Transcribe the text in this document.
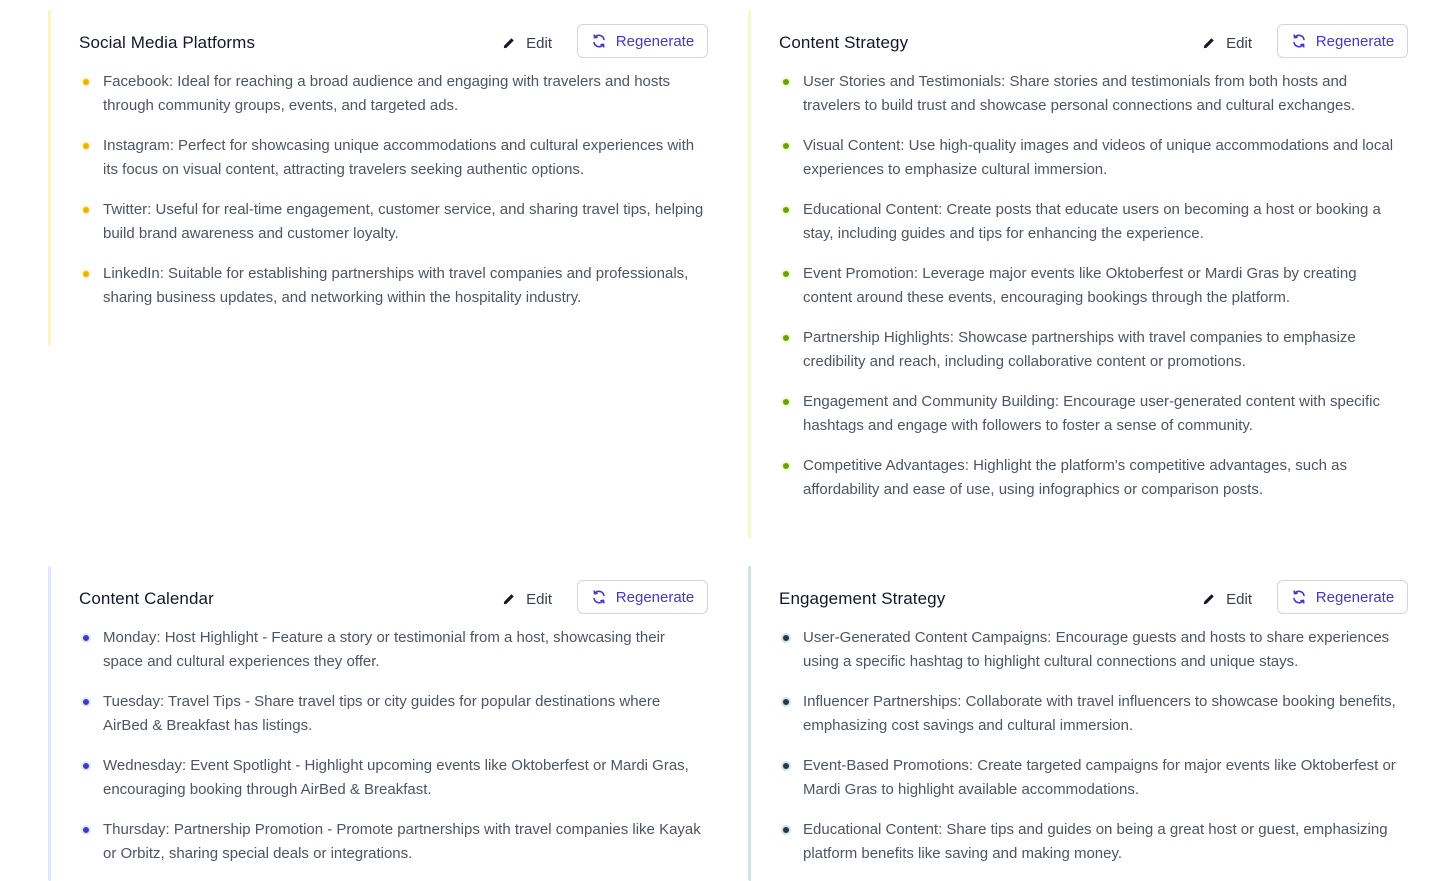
Social Media Platforms	Edit	Regenerate
Facebook: Ideal for reaching a broad audience and engaging with travelers and hosts through community groups, events, and targeted ads.
Instagram: Perfect for showcasing unique accommodations and cultural experiences with its focus on visual content, attracting travelers seeking authentic options.
Twitter: Useful for real-time engagement, customer service, and sharing travel tips, helping build brand awareness and customer loyalty.
LinkedIn: Suitable for establishing partnerships with travel companies and professionals, sharing business updates, and networking within the hospitality industry.
Content Strategy	Edit	Regenerate
User Stories and Testimonials: Share stories and testimonials from both hosts and travelers to build trust and showcase personal connections and cultural exchanges.
Visual Content: Use high-quality images and videos of unique accommodations and local experiences to emphasize cultural immersion.
Educational Content: Create posts that educate users on becoming a host or booking a stay, including guides and tips for enhancing the experience.
Event Promotion: Leverage major events like Oktoberfest or Mardi Gras by creating content around these events, encouraging bookings through the platform.
Partnership Highlights: Showcase partnerships with travel companies to emphasize credibility and reach, including collaborative content or promotions.
Engagement and Community Building: Encourage user-generated content with specific hashtags and engage with followers to foster a sense of community.
Competitive Advantages: Highlight the platform's competitive advantages, such as affordability and ease of use, using infographics or comparison posts.
Content Calendar	Edit	Regenerate
Monday: Host Highlight - Feature a story or testimonial from a host, showcasing their space and cultural experiences they offer.
Tuesday: Travel Tips - Share travel tips or city guides for popular destinations where AirBed & Breakfast has listings.
Wednesday: Event Spotlight - Highlight upcoming events like Oktoberfest or Mardi Gras, encouraging booking through AirBed & Breakfast.
Thursday: Partnership Promotion - Promote partnerships with travel companies like Kayak or Orbitz, sharing special deals or integrations.
Engagement Strategy	Edit	Regenerate
User-Generated Content Campaigns: Encourage guests and hosts to share experiences using a specific hashtag to highlight cultural connections and unique stays.
Influencer Partnerships: Collaborate with travel influencers to showcase booking benefits, emphasizing cost savings and cultural immersion.
Event-Based Promotions: Create targeted campaigns for major events like Oktoberfest or Mardi Gras to highlight available accommodations.
Educational Content: Share tips and guides on being a great host or guest, emphasizing platform benefits like saving and making money.
